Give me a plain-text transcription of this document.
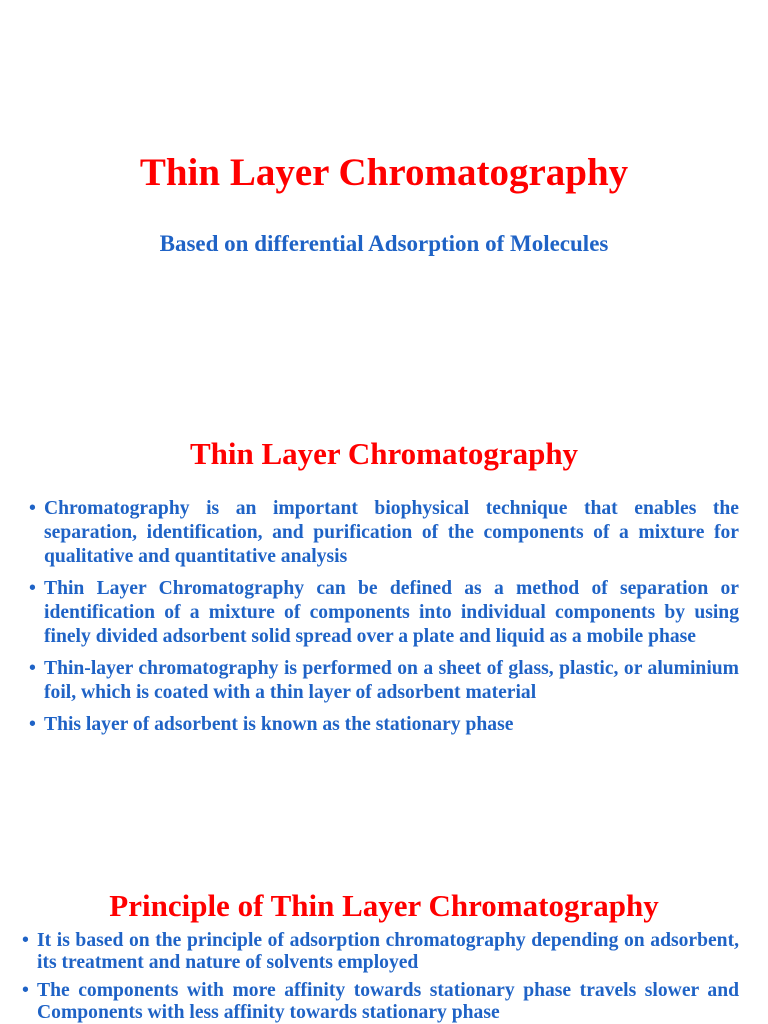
Thin Layer Chromatography
Based on differential Adsorption of Molecules
Thin Layer Chromatography
• Chromatography is an important biophysical technique that enables the separation, identification, and purification of the components of a mixture for qualitative and quantitative analysis
• Thin Layer Chromatography can be defined as a method of separation or identification of a mixture of components into individual components by using finely divided adsorbent solid spread over a plate and liquid as a mobile phase
• Thin-layer chromatography is performed on a sheet of glass, plastic, or aluminium foil, which is coated with a thin layer of adsorbent material
• This layer of adsorbent is known as the stationary phase
Principle of Thin Layer Chromatography
• It is based on the principle of adsorption chromatography depending on adsorbent, its treatment and nature of solvents employed
• The components with more affinity towards stationary phase travels slower and Components with less affinity towards stationary phase
